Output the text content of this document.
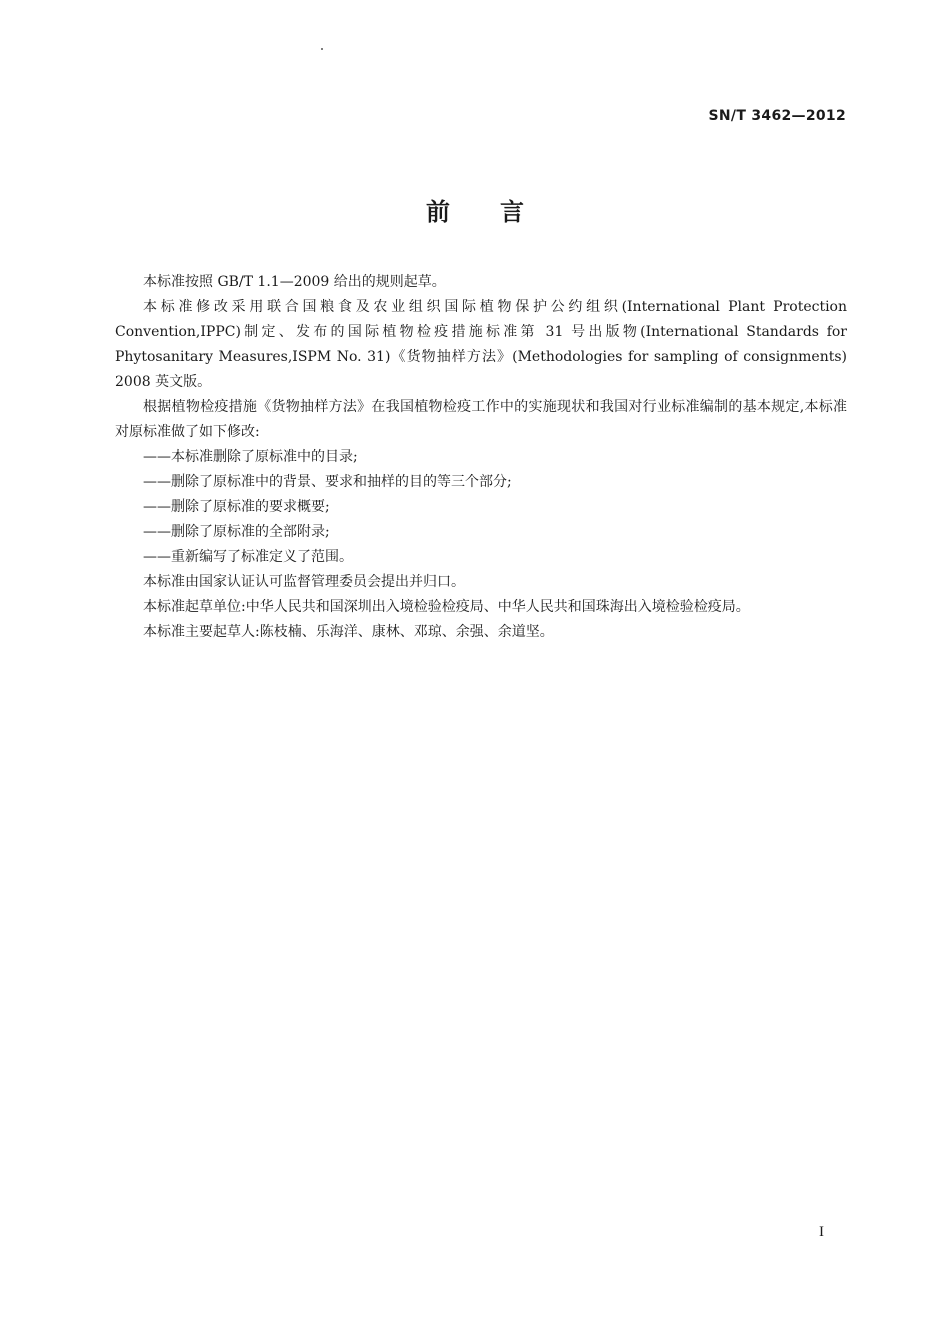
SN/T 3462—2012
前言

本标准按照 GB/T 1.1—2009 给出的规则起草。

本标准修改采用联合国粮食及农业组织国际植物保护公约组织(International Plant Protection Convention,IPPC)制定、发布的国际植物检疫措施标准第 31 号出版物(International Standards for Phytosanitary Measures,ISPM No. 31)《货物抽样方法》(Methodologies for sampling of consignments) 2008 英文版。

根据植物检疫措施《货物抽样方法》在我国植物检疫工作中的实施现状和我国对行业标准编制的基本规定,本标准对原标准做了如下修改:

——本标准删除了原标准中的目录;

——删除了原标准中的背景、要求和抽样的目的等三个部分;

——删除了原标准的要求概要;

——删除了原标准的全部附录;

——重新编写了标准定义了范围。

本标准由国家认证认可监督管理委员会提出并归口。

本标准起草单位:中华人民共和国深圳出入境检验检疫局、中华人民共和国珠海出入境检验检疫局。

本标准主要起草人:陈枝楠、乐海洋、康林、邓琼、余强、余道坚。

I
